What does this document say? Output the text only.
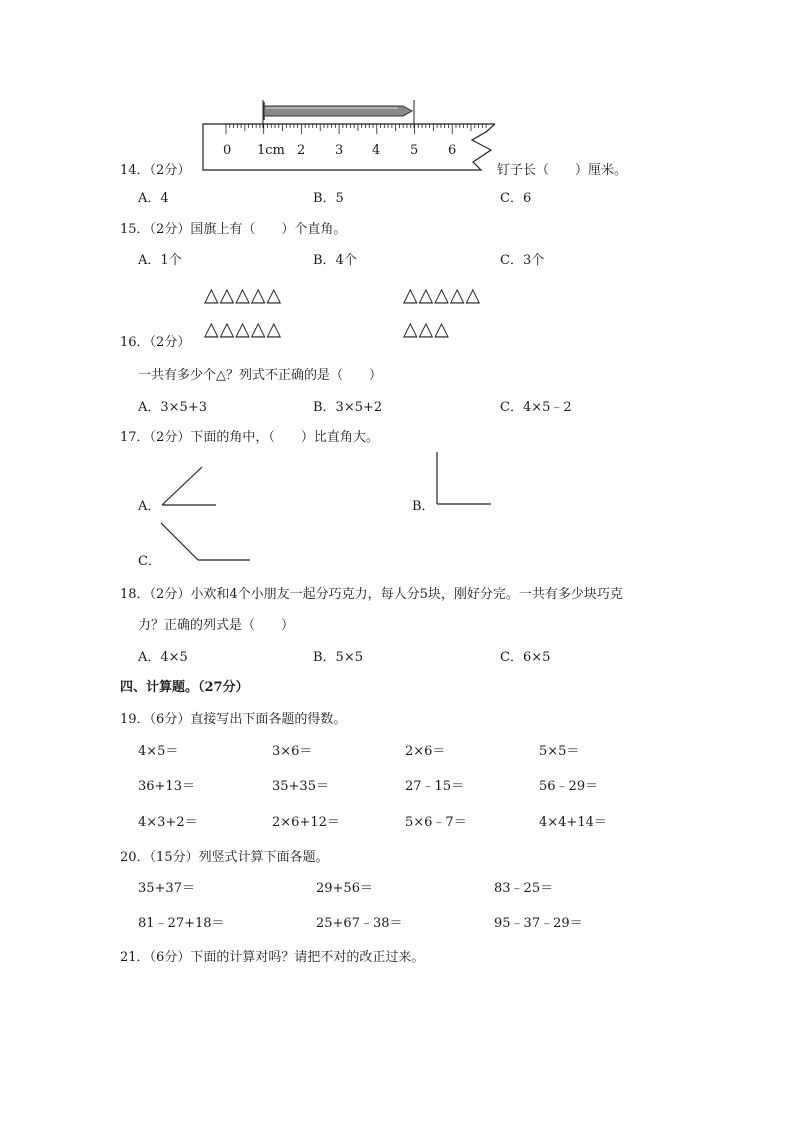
0 1cm 2 3 4 5 6
14．（2分）	钉子长（　　）厘米。
A．4	B．5	C．6
15．（2分）国旗上有（　　）个直角。
A．1个	B．4个	C．3个
△△△△△	△△△△△
△△△△△	△△△
16．（2分）
一共有多少个△？列式不正确的是（　　）
A．3×5+3	B．3×5+2	C．4×5﹣2
17．（2分）下面的角中，（　　）比直角大。
A．	B．
C．
18．（2分）小欢和4个小朋友一起分巧克力，每人分5块，刚好分完。一共有多少块巧克
力？正确的列式是（　　）
A．4×5	B．5×5	C．6×5
四、计算题。（27分）
19．（6分）直接写出下面各题的得数。
4×5＝	3×6＝	2×6＝	5×5＝
36+13＝	35+35＝	27﹣15＝	56﹣29＝
4×3+2＝	2×6+12＝	5×6﹣7＝	4×4+14＝
20．（15分）列竖式计算下面各题。
35+37＝	29+56＝	83﹣25＝
81﹣27+18＝	25+67﹣38＝	95﹣37﹣29＝
21．（6分）下面的计算对吗？请把不对的改正过来。
